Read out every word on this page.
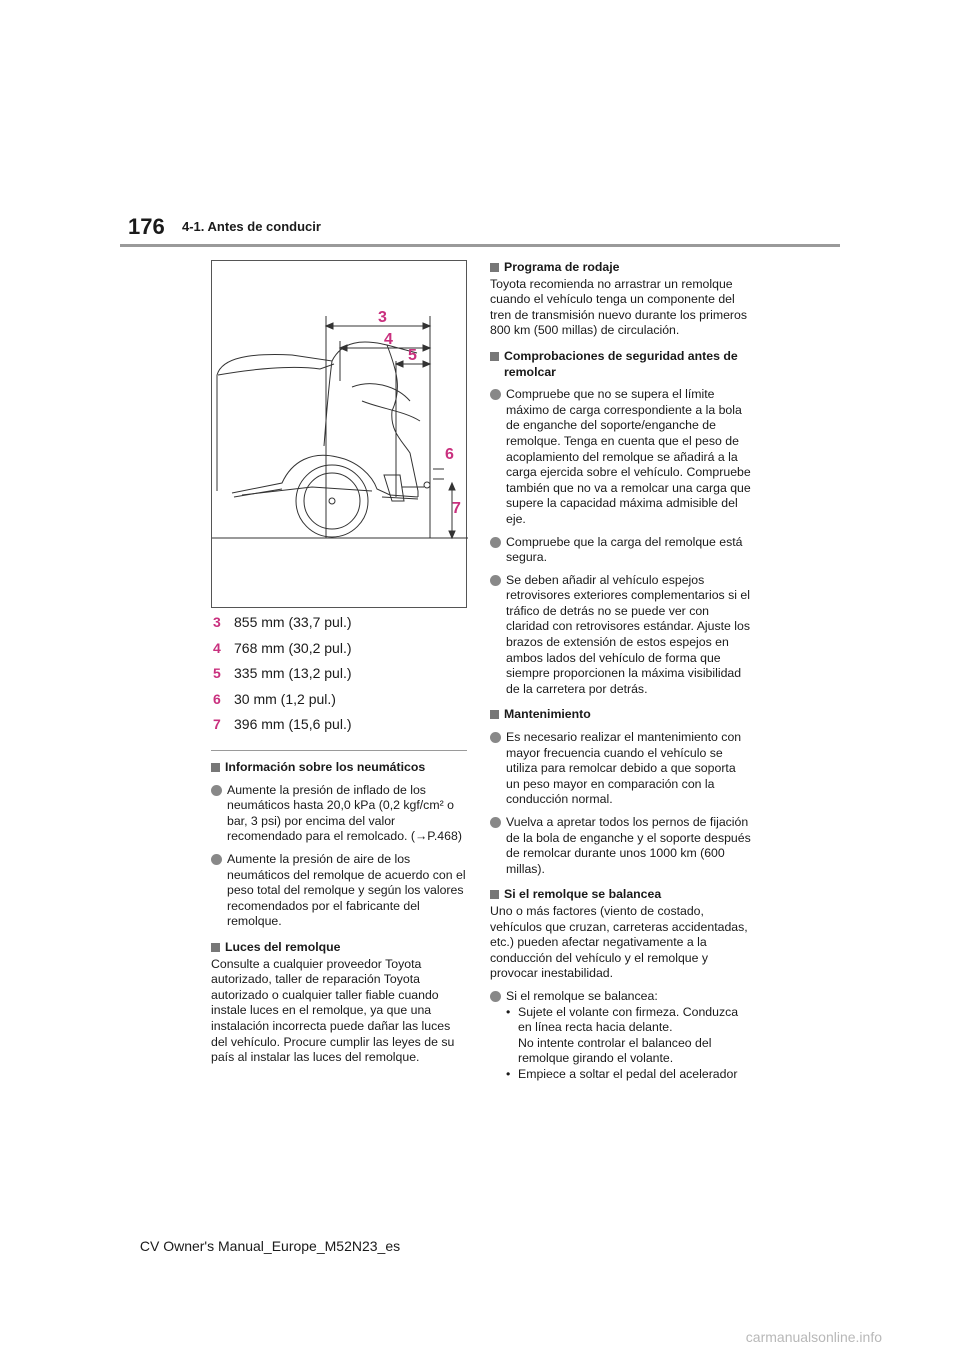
176 4-1. Antes de conducir
3
4
5
6
7
3 855 mm (33,7 pul.)
4 768 mm (30,2 pul.)
5 335 mm (13,2 pul.)
6 30 mm (1,2 pul.)
7 396 mm (15,6 pul.)
Información sobre los neumáticos
Aumente la presión de inflado de los neumáticos hasta 20,0 kPa (0,2 kgf/cm² o bar, 3 psi) por encima del valor recomendado para el remolcado. (→P.468)
Aumente la presión de aire de los neumáticos del remolque de acuerdo con el peso total del remolque y según los valores recomendados por el fabricante del remolque.
Luces del remolque
Consulte a cualquier proveedor Toyota autorizado, taller de reparación Toyota autorizado o cualquier taller fiable cuando instale luces en el remolque, ya que una instalación incorrecta puede dañar las luces del vehículo. Procure cumplir las leyes de su país al instalar las luces del remolque.
Programa de rodaje
Toyota recomienda no arrastrar un remolque cuando el vehículo tenga un componente del tren de transmisión nuevo durante los primeros 800 km (500 millas) de circulación.
Comprobaciones de seguridad antes de remolcar
Compruebe que no se supera el límite máximo de carga correspondiente a la bola de enganche del soporte/enganche de remolque. Tenga en cuenta que el peso de acoplamiento del remolque se añadirá a la carga ejercida sobre el vehículo. Compruebe también que no va a remolcar una carga que supere la capacidad máxima admisible del eje.
Compruebe que la carga del remolque está segura.
Se deben añadir al vehículo espejos retrovisores exteriores complementarios si el tráfico de detrás no se puede ver con claridad con retrovisores estándar. Ajuste los brazos de extensión de estos espejos en ambos lados del vehículo de forma que siempre proporcionen la máxima visibilidad de la carretera por detrás.
Mantenimiento
Es necesario realizar el mantenimiento con mayor frecuencia cuando el vehículo se utiliza para remolcar debido a que soporta un peso mayor en comparación con la conducción normal.
Vuelva a apretar todos los pernos de fijación de la bola de enganche y el soporte después de remolcar durante unos 1000 km (600 millas).
Si el remolque se balancea
Uno o más factores (viento de costado, vehículos que cruzan, carreteras accidentadas, etc.) pueden afectar negativamente a la conducción del vehículo y el remolque y provocar inestabilidad.
Si el remolque se balancea:
• Sujete el volante con firmeza. Conduzca en línea recta hacia delante.
No intente controlar el balanceo del remolque girando el volante.
• Empiece a soltar el pedal del acelerador
CV Owner's Manual_Europe_M52N23_es
carmanualsonline.info
